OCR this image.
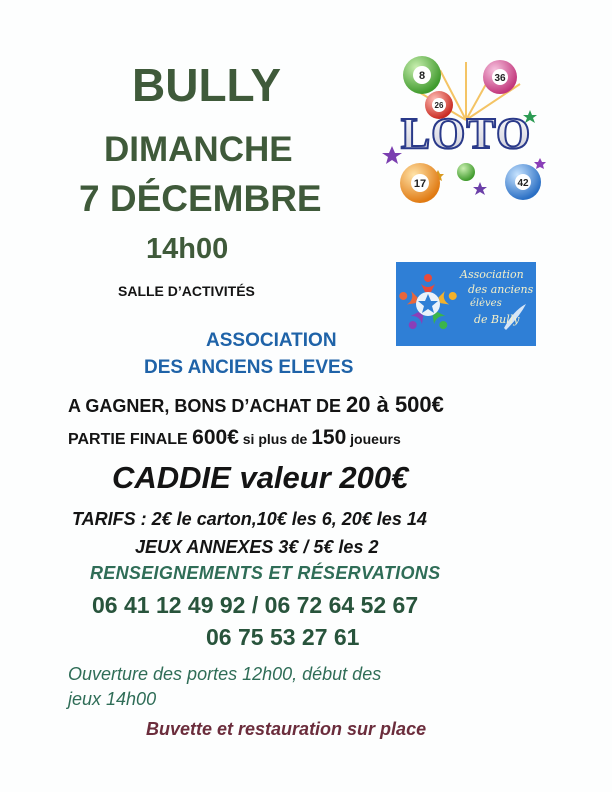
BULLY
DIMANCHE
7 DÉCEMBRE
14h00
SALLE D’ACTIVITÉS
8	36
26
17	42
LOTO
Association
des anciens
élèves
de Bully
ASSOCIATION
DES ANCIENS ELEVES
A GAGNER, BONS D’ACHAT DE 20 à 500€
PARTIE FINALE 600€ si plus de 150 joueurs
CADDIE valeur 200€
TARIFS : 2€ le carton,10€ les 6, 20€ les 14
JEUX ANNEXES 3€ / 5€ les 2
RENSEIGNEMENTS ET RÉSERVATIONS
06 41 12 49 92 / 06 72 64 52 67
06 75 53 27 61
Ouverture des portes 12h00, début des
jeux 14h00
Buvette et restauration sur place
